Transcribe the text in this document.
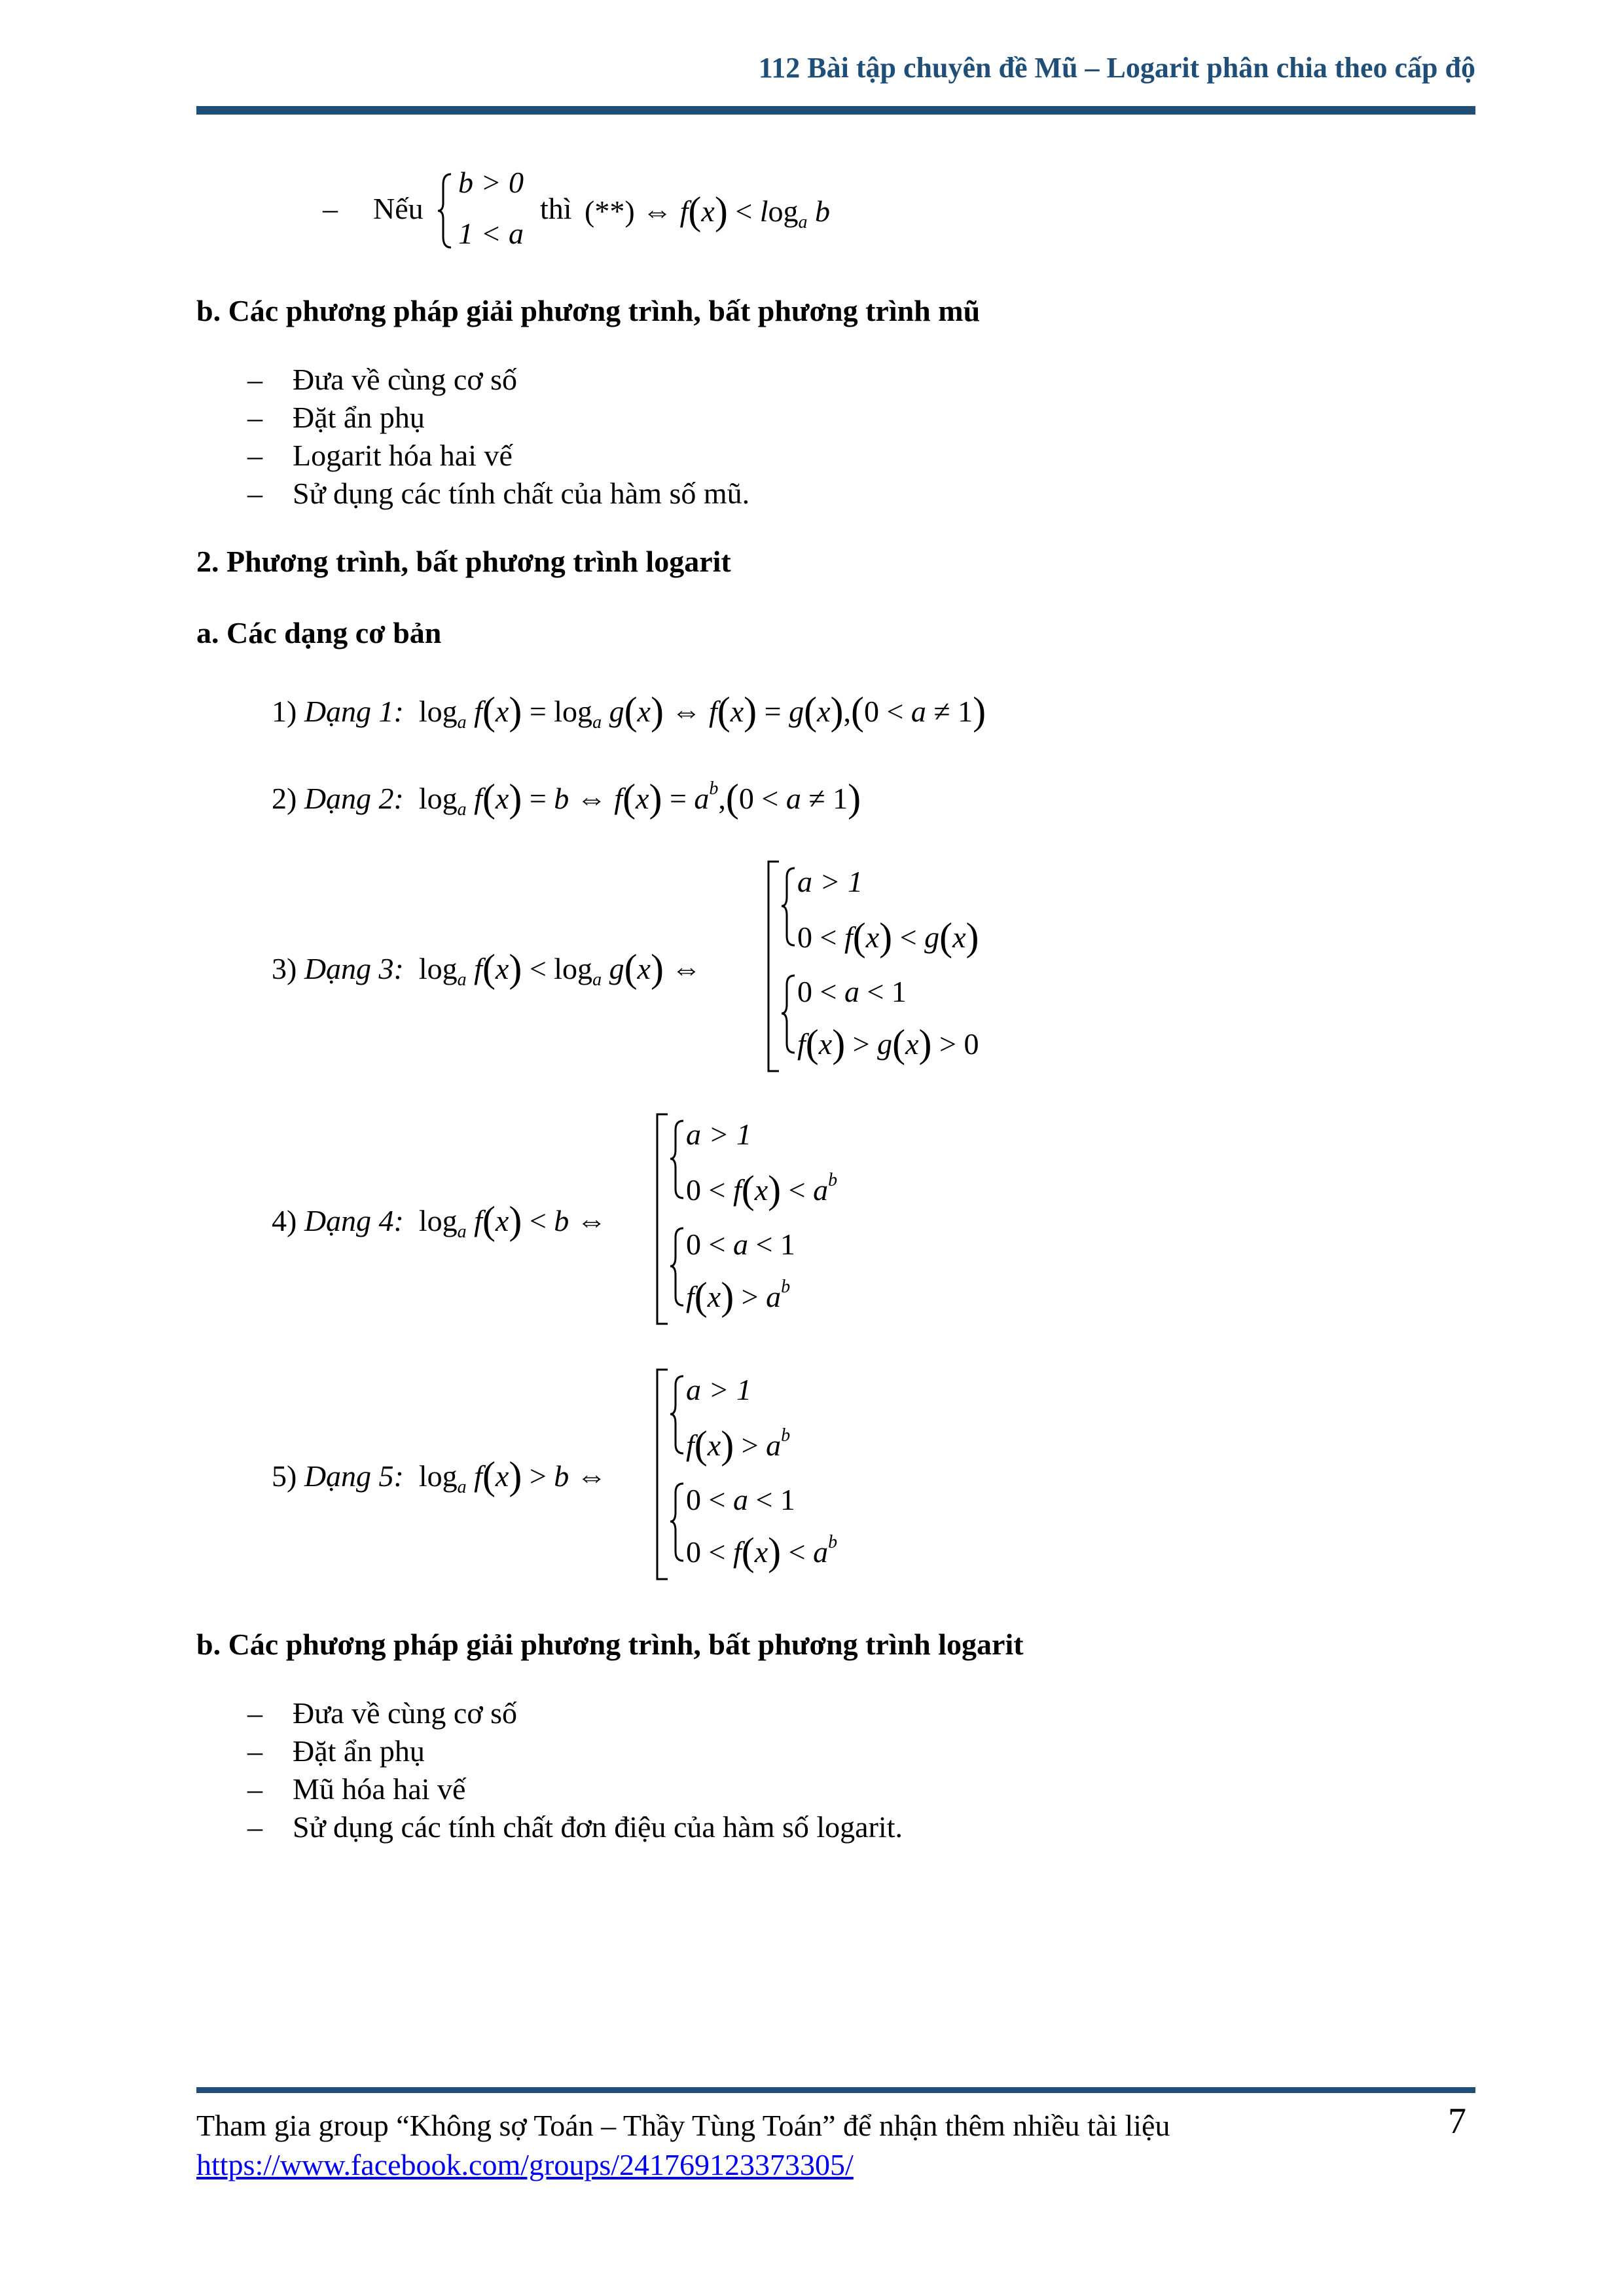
112 Bài tập chuyên đề Mũ – Logarit phân chia theo cấp độ
– Nếu
b > 0
1 < a
thì (**) ⇔ $f(x) < \log_a b$
b. Các phương pháp giải phương trình, bất phương trình mũ
– Đưa về cùng cơ số
– Đặt ẩn phụ
– Logarit hóa hai vế
– Sử dụng các tính chất của hàm số mũ.
2. Phương trình, bất phương trình logarit
a. Các dạng cơ bản
1) Dạng 1:  $\log_a f(x) = \log_a g(x)$ ⇔ f(x) = g(x),(0 < a ≠ 1)
2) Dạng 2:  $\log_a f(x) = b$ ⇔ $f(x) = a^b,(0 < a \ne 1)$
3) Dạng 3:  $\log_a f(x) < \log_a g(x)$ ⇔
a > 1
0 < f(x) < g(x)
0 < a < 1
f(x) > g(x) > 0
4) Dạng 4:  $\log_a f(x) < b$ ⇔
a > 1
$0 < f(x) < a^b$
0 < a < 1
$f(x) > a^b$
5) Dạng 5:  $\log_a f(x) > b$ ⇔
a > 1
$f(x) > a^b$
0 < a < 1
$0 < f(x) < a^b$
b. Các phương pháp giải phương trình, bất phương trình logarit
– Đưa về cùng cơ số
– Đặt ẩn phụ
– Mũ hóa hai vế
– Sử dụng các tính chất đơn điệu của hàm số logarit.
Tham gia group “Không sợ Toán – Thầy Tùng Toán” để nhận thêm nhiều tài liệu
https://www.facebook.com/groups/241769123373305/
7
